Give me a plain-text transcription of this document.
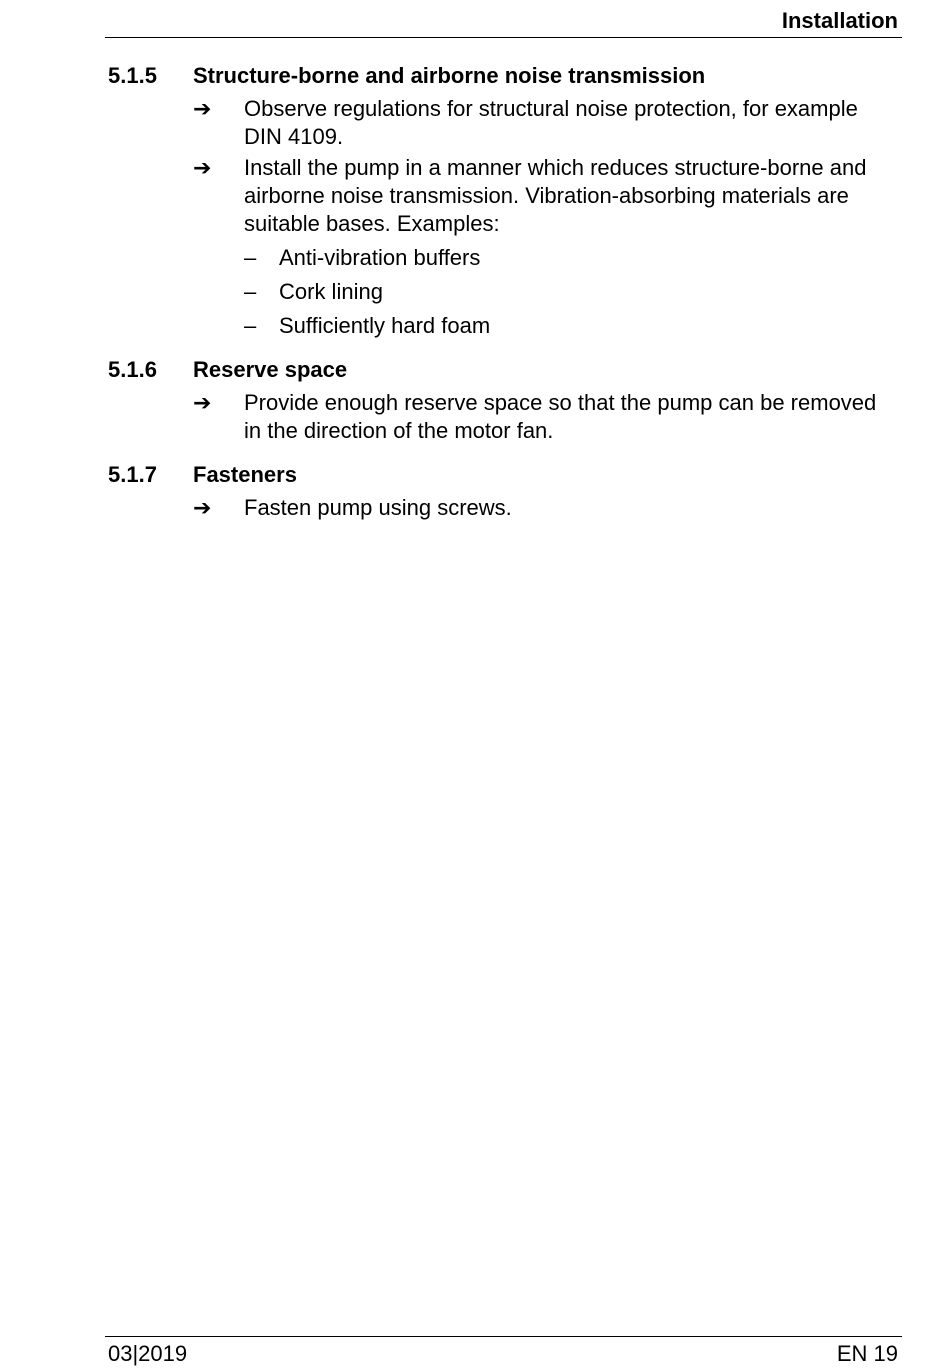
Installation
5.1.5	Structure-borne and airborne noise transmission
➔	Observe regulations for structural noise protection, for example DIN 4109.
➔	Install the pump in a manner which reduces structure-borne and airborne noise transmission. Vibration-absorbing materials are suitable bases. Examples:
–	Anti-vibration buffers
–	Cork lining
–	Sufficiently hard foam
5.1.6	Reserve space
➔	Provide enough reserve space so that the pump can be removed in the direction of the motor fan.
5.1.7	Fasteners
➔	Fasten pump using screws.
03|2019	EN 19
